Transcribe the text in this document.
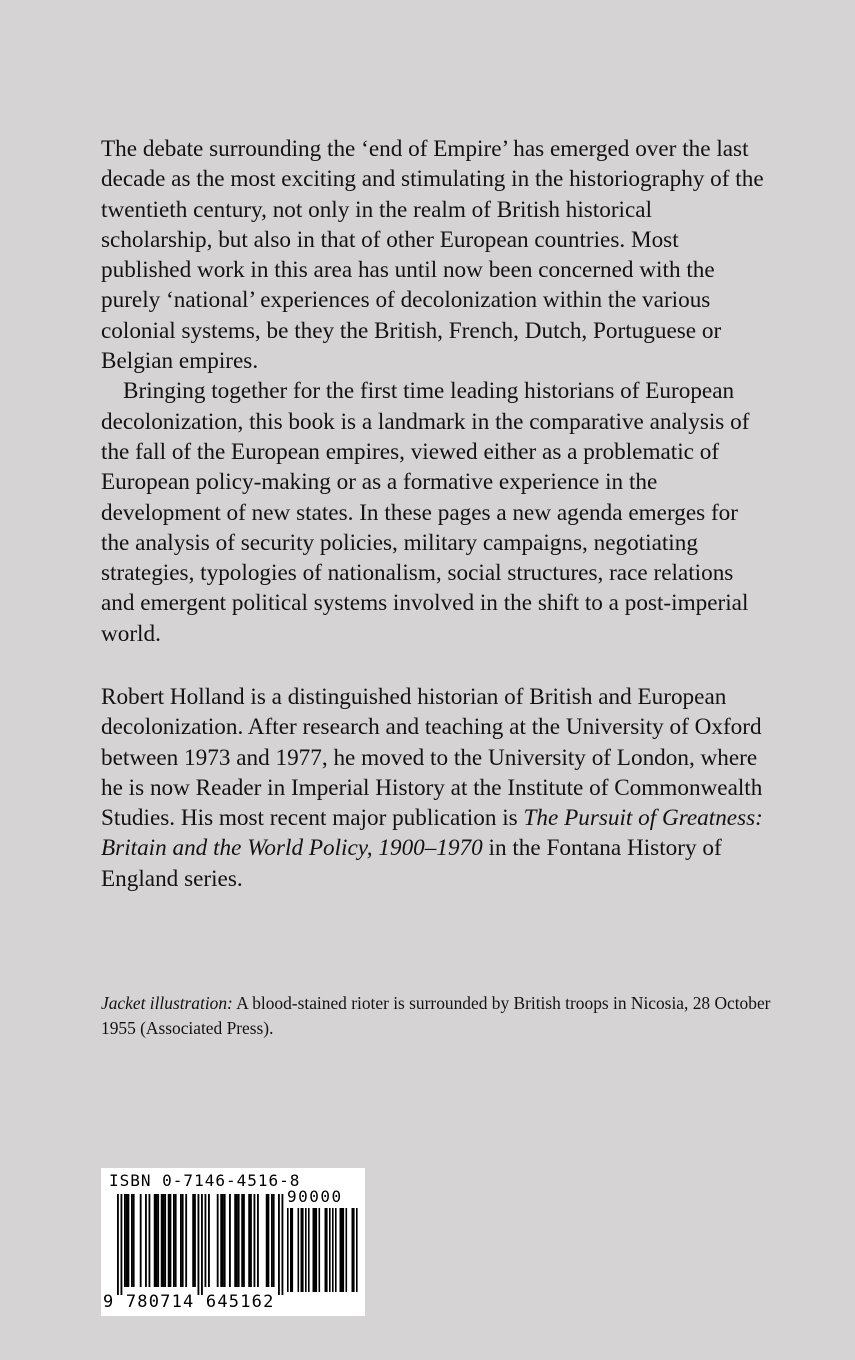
The debate surrounding the ‘end of Empire’ has emerged over the last decade as the most exciting and stimulating in the historiography of the twentieth century, not only in the realm of British historical scholarship, but also in that of other European countries. Most published work in this area has until now been concerned with the purely ‘national’ experiences of decolonization within the various colonial systems, be they the British, French, Dutch, Portuguese or Belgian empires.

Bringing together for the first time leading historians of European decolonization, this book is a landmark in the comparative analysis of the fall of the European empires, viewed either as a problematic of European policy-making or as a formative experience in the development of new states. In these pages a new agenda emerges for the analysis of security policies, military campaigns, negotiating strategies, typologies of nationalism, social structures, race relations and emergent political systems involved in the shift to a post-imperial world.

Robert Holland is a distinguished historian of British and European decolonization. After research and teaching at the University of Oxford between 1973 and 1977, he moved to the University of London, where he is now Reader in Imperial History at the Institute of Commonwealth Studies. His most recent major publication is The Pursuit of Greatness: Britain and the World Policy, 1900–1970 in the Fontana History of England series.

Jacket illustration: A blood-stained rioter is surrounded by British troops in Nicosia, 28 October 1955 (Associated Press).
ISBN 0-7146-4516-8
90000
9 780714 645162
